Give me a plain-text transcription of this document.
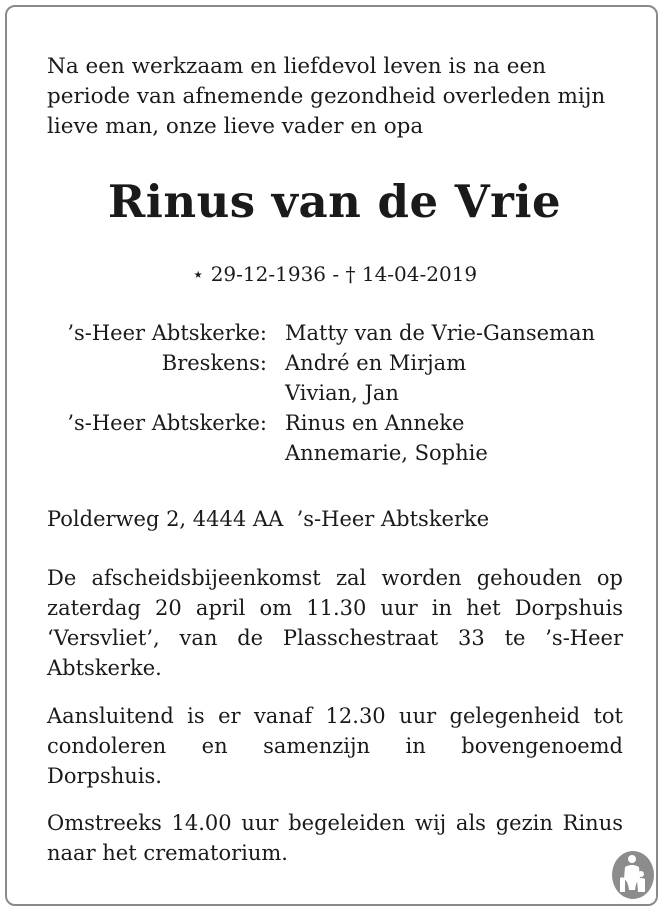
Na een werkzaam en liefdevol leven is na een periode van afnemende gezondheid overleden mijn lieve man, onze lieve vader en opa

Rinus van de Vrie

⋆ 29-12-1936 - † 14-04-2019

’s-Heer Abtskerke: Matty van de Vrie-Ganseman
Breskens: André en Mirjam
Vivian, Jan
’s-Heer Abtskerke: Rinus en Anneke
Annemarie, Sophie

Polderweg 2, 4444 AA  ’s-Heer Abtskerke

De afscheidsbijeenkomst zal worden gehouden op zaterdag 20 april om 11.30 uur in het Dorpshuis ‘Versvliet’, van de Plasschestraat 33 te ’s-Heer Abtskerke.

Aansluitend is er vanaf 12.30 uur gelegenheid tot condoleren en samenzijn in bovengenoemd Dorpshuis.

Omstreeks 14.00 uur begeleiden wij als gezin Rinus naar het crematorium.
